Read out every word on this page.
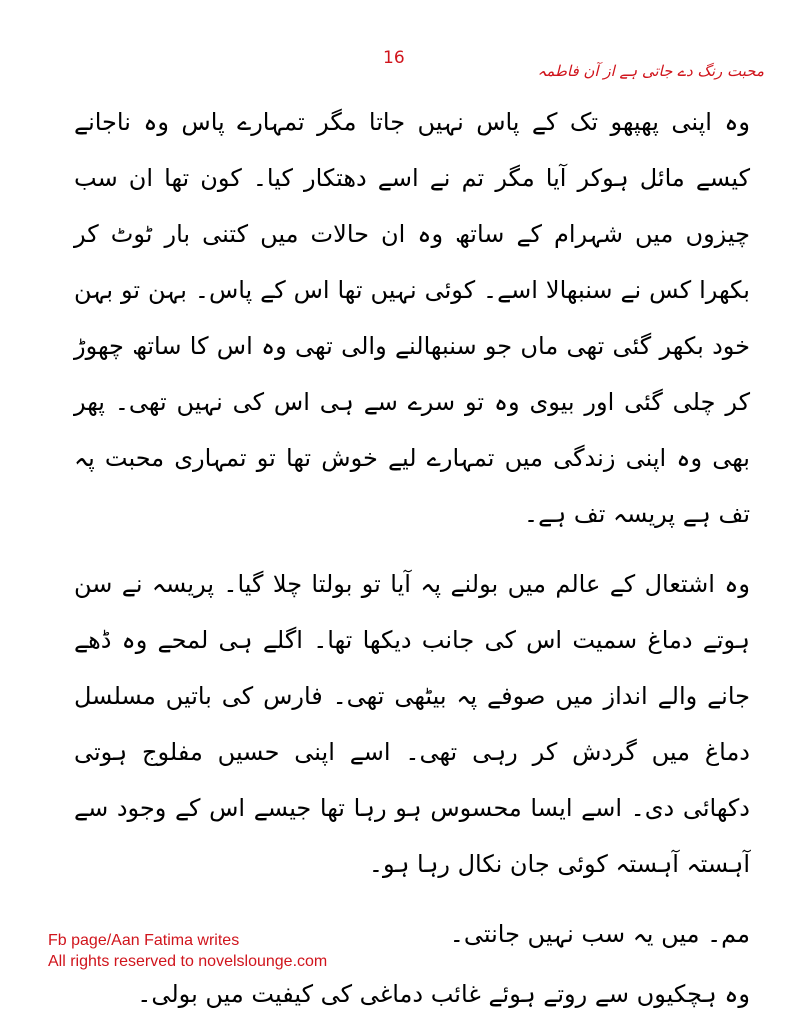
محبت رنگ دے جاتی ہے از آن فاطمہ

16

وہ اپنی پھپھو تک کے پاس نہیں جاتا مگر تمہارے پاس وہ ناجانے کیسے مائل ہوکر آیا مگر تم نے اسے دھتکار کیا۔ کون تھا ان سب چیزوں میں شہرام کے ساتھ وہ ان حالات میں کتنی بار ٹوٹ کر بکھرا کس نے سنبھالا اسے۔ کوئی نہیں تھا اس کے پاس۔ بہن تو بہن خود بکھر گئی تھی ماں جو سنبھالنے والی تھی وہ اس کا ساتھ چھوڑ کر چلی گئی اور بیوی وہ تو سرے سے ہی اس کی نہیں تھی۔ پھر بھی وہ اپنی زندگی میں تمہارے لیے خوش تھا تو تمہاری محبت پہ تف ہے پریسہ تف ہے۔

وہ اشتعال کے عالم میں بولنے پہ آیا تو بولتا چلا گیا۔ پریسہ نے سن ہوتے دماغ سمیت اس کی جانب دیکھا تھا۔ اگلے ہی لمحے وہ ڈھے جانے والے انداز میں صوفے پہ بیٹھی تھی۔ فارس کی باتیں مسلسل دماغ میں گردش کر رہی تھی۔ اسے اپنی حسیں مفلوج ہوتی دکھائی دی۔ اسے ایسا محسوس ہو رہا تھا جیسے اس کے وجود سے آہستہ آہستہ کوئی جان نکال رہا ہو۔

مم۔ میں یہ سب نہیں جانتی۔

وہ ہچکیوں سے روتے ہوئے غائب دماغی کی کیفیت میں بولی۔

Fb page/Aan Fatima writes
All rights reserved to novelslounge.com
